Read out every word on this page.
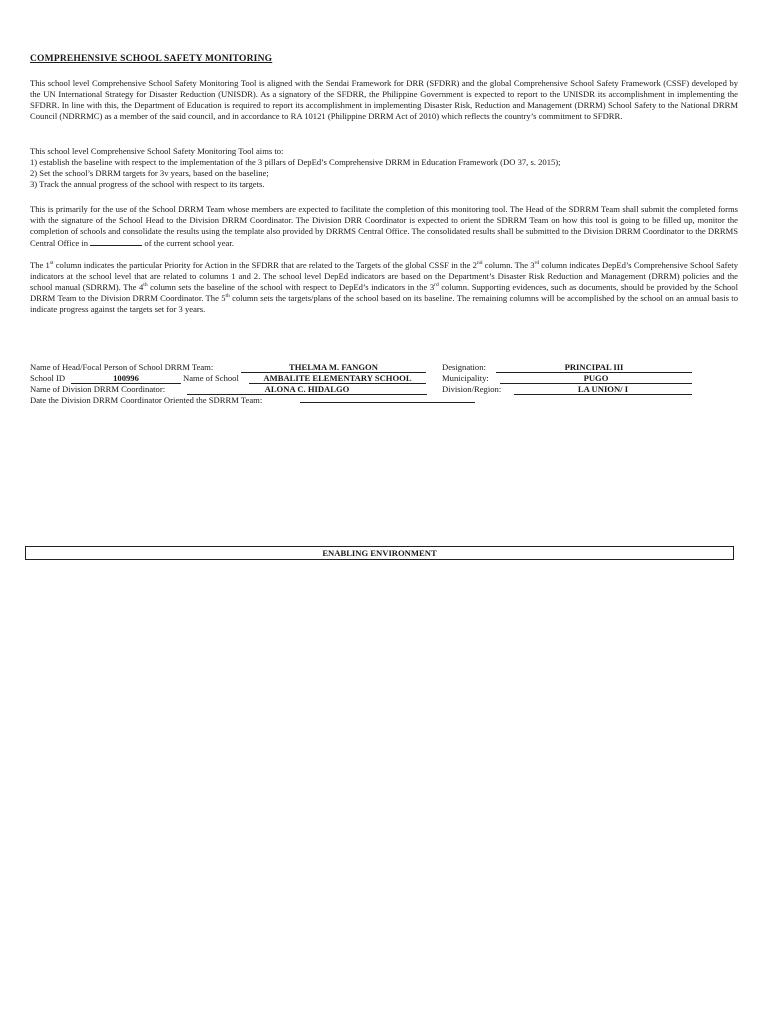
COMPREHENSIVE SCHOOL SAFETY MONITORING

This school level Comprehensive School Safety Monitoring Tool is aligned with the Sendai Framework for DRR (SFDRR) and the global Comprehensive School Safety Framework (CSSF) developed by the UN International Strategy for Disaster Reduction (UNISDR). As a signatory of the SFDRR, the Philippine Government is expected to report to the UNISDR its accomplishment in implementing the SFDRR. In line with this, the Department of Education is required to report its accomplishment in implementing Disaster Risk, Reduction and Management (DRRM) School Safety to the National DRRM Council (NDRRMC) as a member of the said council, and in accordance to RA 10121 (Philippine DRRM Act of 2010) which reflects the country’s commitment to SFDRR.

This school level Comprehensive School Safety Monitoring Tool aims to:
1) establish the baseline with respect to the implementation of the 3 pillars of DepEd’s Comprehensive DRRM in Education Framework (DO 37, s. 2015);
2) Set the school’s DRRM targets for 3v years, based on the baseline;
3) Track the annual progress of the school with respect to its targets.

This is primarily for the use of the School DRRM Team whose members are expected to facilitate the completion of this monitoring tool. The Head of the SDRRM Team shall submit the completed forms with the signature of the School Head to the Division DRRM Coordinator. The Division DRR Coordinator is expected to orient the SDRRM Team on how this tool is going to be filled up, monitor the completion of schools and consolidate the results using the template also provided by DRRMS Central Office. The consolidated results shall be submitted to the Division DRRM Coordinator to the DRRMS Central Office in	of the current school year.

The 1st column indicates the particular Priority for Action in the SFDRR that are related to the Targets of the global CSSF in the 2nd column. The 3rd column indicates DepEd’s Comprehensive School Safety indicators at the school level that are related to columns 1 and 2. The school level DepEd indicators are based on the Department’s Disaster Risk Reduction and Management (DRRM) policies and the school manual (SDRRM). The 4th column sets the baseline of the school with respect to DepEd’s indicators in the 3rd column. Supporting evidences, such as documents, should be provided by the School DRRM Team to the Division DRRM Coordinator. The 5th column sets the targets/plans of the school based on its baseline. The remaining columns will be accomplished by the school on an annual basis to indicate progress against the targets set for 3 years.

Name of Head/Focal Person of School DRRM Team:	THELMA M. FANGON	Designation:	PRINCIPAL III
School ID	100996	Name of School	AMBALITE ELEMENTARY SCHOOL	Municipality:	PUGO
Name of Division DRRM Coordinator:	ALONA C. HIDALGO	Division/Region:	LA UNION/ I
Date the Division DRRM Coordinator Oriented the SDRRM Team:
ENABLING ENVIRONMENT
